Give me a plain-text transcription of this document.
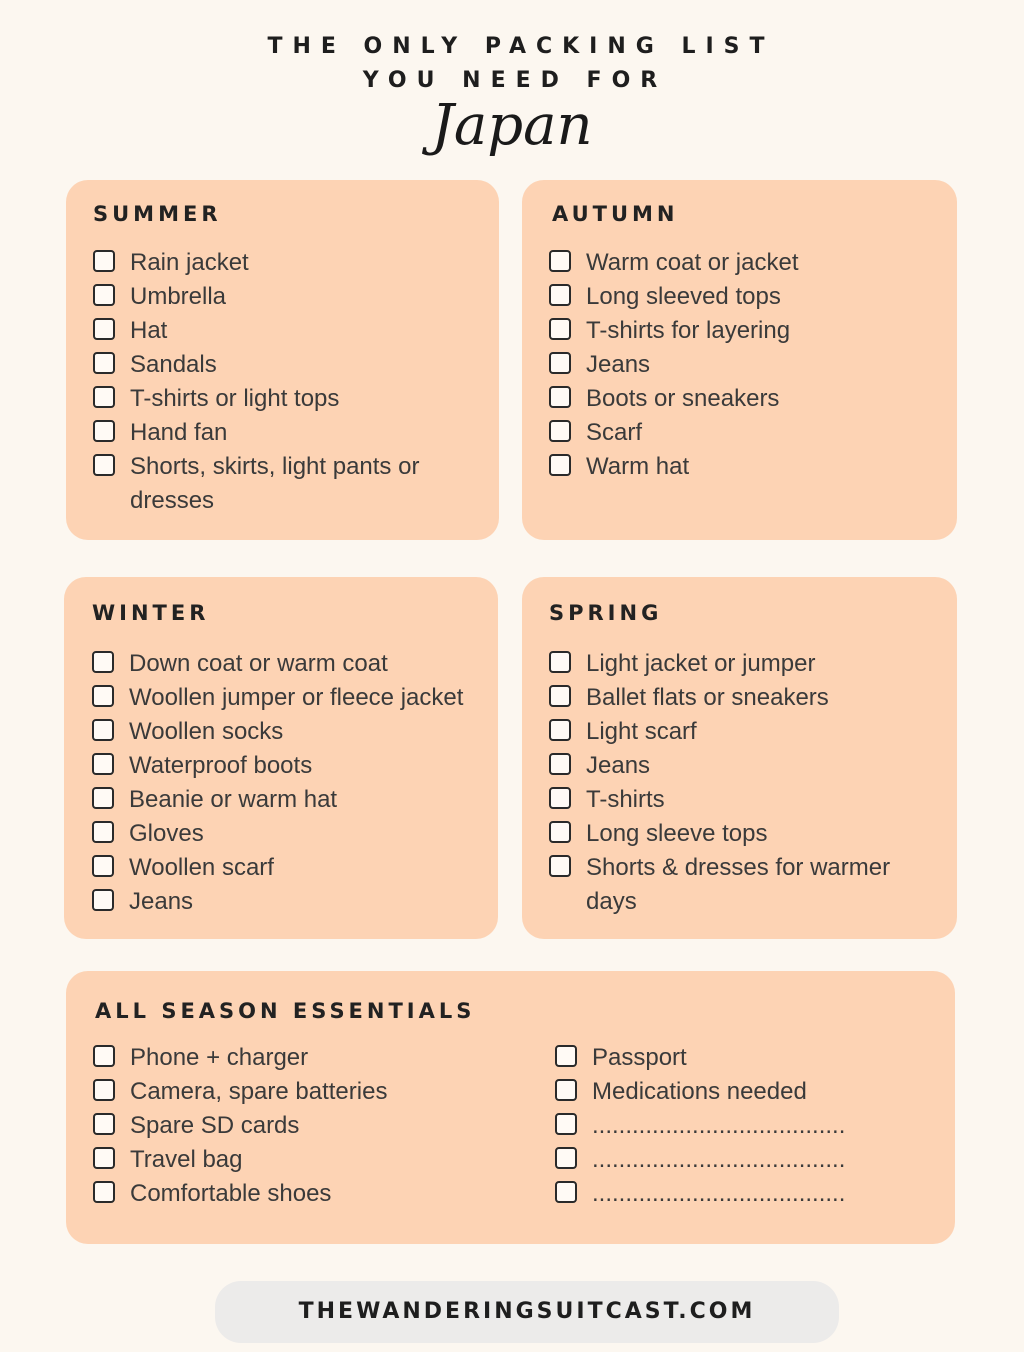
THE ONLY PACKING LIST
YOU NEED FOR
Japan
SUMMER
Rain jacket
Umbrella
Hat
Sandals
T-shirts or light tops
Hand fan
Shorts, skirts, light pants or dresses
AUTUMN
Warm coat or jacket
Long sleeved tops
T-shirts for layering
Jeans
Boots or sneakers
Scarf
Warm hat
WINTER
Down coat or warm coat
Woollen jumper or fleece jacket
Woollen socks
Waterproof boots
Beanie or warm hat
Gloves
Woollen scarf
Jeans
SPRING
Light jacket or jumper
Ballet flats or sneakers
Light scarf
Jeans
T-shirts
Long sleeve tops
Shorts & dresses for warmer days
ALL SEASON ESSENTIALS
Phone + charger
Camera, spare batteries
Spare SD cards
Travel bag
Comfortable shoes
Passport
Medications needed
......................................
......................................
......................................
THEWANDERINGSUITCAST.COM
